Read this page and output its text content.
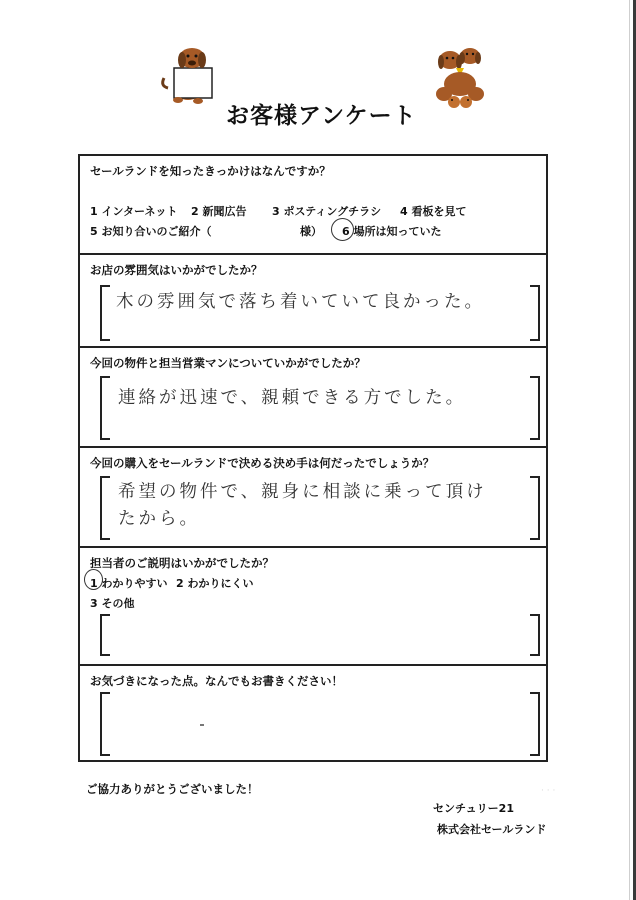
お客様アンケート
セールランドを知ったきっかけはなんですか？
1 インターネット 2 新聞広告 3 ポスティングチラシ 4 看板を見て
5 お知り合いのご紹介（	様） 6 場所は知っていた
お店の雰囲気はいかがでしたか？
木の雰囲気で落ち着いていて良かった。
今回の物件と担当営業マンについていかがでしたか？
連絡が迅速で、親頼できる方でした。
今回の購入をセールランドで決める決め手は何だったでしょうか？
希望の物件で、親身に相談に乗って頂け
たから。
担当者のご説明はいかがでしたか？
1 わかりやすい 2 わかりにくい
3 その他
お気づきになった点。なんでもお書きください！
· · ·
ご協力ありがとうございました！
センチュリー21
株式会社セールランド
